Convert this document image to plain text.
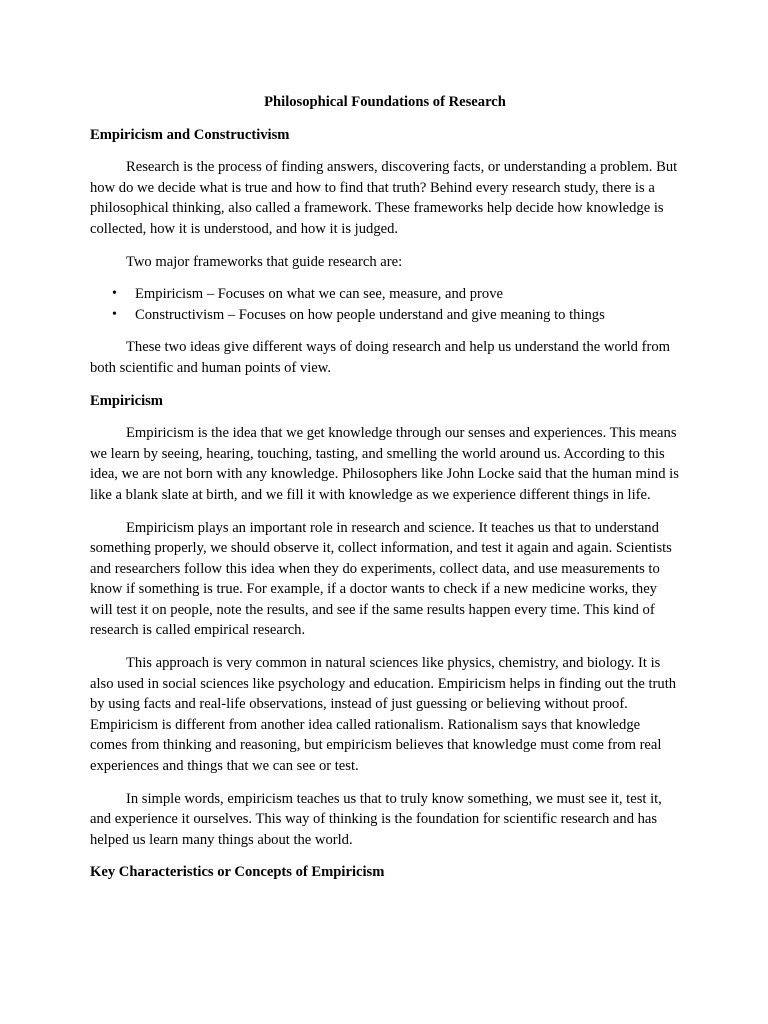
Philosophical Foundations of Research
Empiricism and Constructivism

Research is the process of finding answers, discovering facts, or understanding a problem. But how do we decide what is true and how to find that truth? Behind every research study, there is a philosophical thinking, also called a framework. These frameworks help decide how knowledge is collected, how it is understood, and how it is judged.

Two major frameworks that guide research are:

• Empiricism – Focuses on what we can see, measure, and prove
• Constructivism – Focuses on how people understand and give meaning to things

These two ideas give different ways of doing research and help us understand the world from both scientific and human points of view.

Empiricism

Empiricism is the idea that we get knowledge through our senses and experiences. This means we learn by seeing, hearing, touching, tasting, and smelling the world around us. According to this idea, we are not born with any knowledge. Philosophers like John Locke said that the human mind is like a blank slate at birth, and we fill it with knowledge as we experience different things in life.

Empiricism plays an important role in research and science. It teaches us that to understand something properly, we should observe it, collect information, and test it again and again. Scientists and researchers follow this idea when they do experiments, collect data, and use measurements to know if something is true. For example, if a doctor wants to check if a new medicine works, they will test it on people, note the results, and see if the same results happen every time. This kind of research is called empirical research.

This approach is very common in natural sciences like physics, chemistry, and biology. It is also used in social sciences like psychology and education. Empiricism helps in finding out the truth by using facts and real-life observations, instead of just guessing or believing without proof. Empiricism is different from another idea called rationalism. Rationalism says that knowledge comes from thinking and reasoning, but empiricism believes that knowledge must come from real experiences and things that we can see or test.

In simple words, empiricism teaches us that to truly know something, we must see it, test it, and experience it ourselves. This way of thinking is the foundation for scientific research and has helped us learn many things about the world.

Key Characteristics or Concepts of Empiricism
